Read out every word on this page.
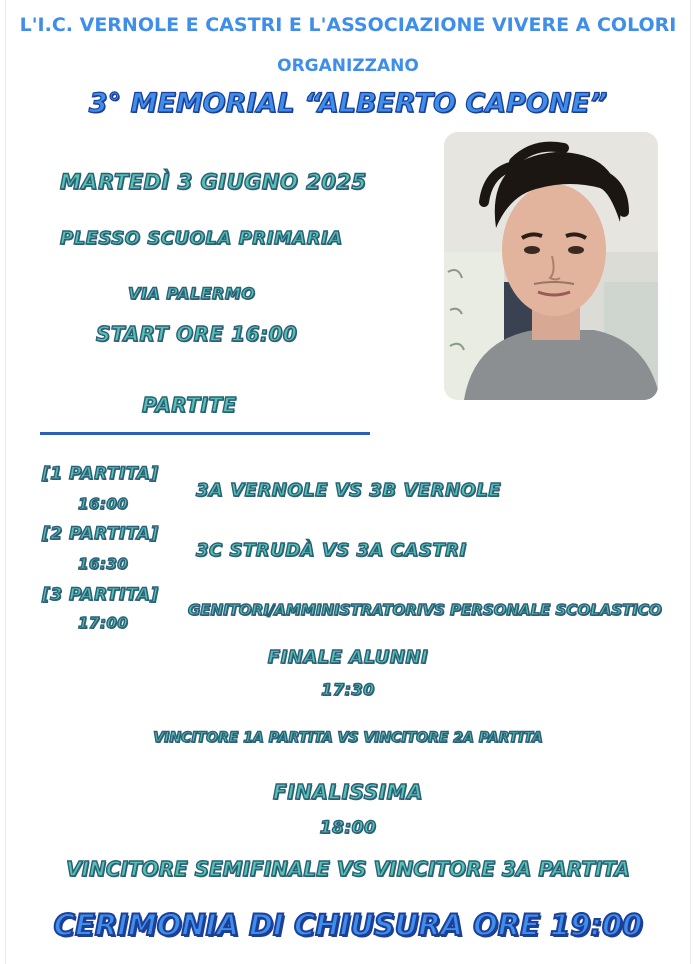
L'I.C. VERNOLE E CASTRI E L'ASSOCIAZIONE VIVERE A COLORI
ORGANIZZANO
3° MEMORIAL “ALBERTO CAPONE”
MARTEDÌ 3 GIUGNO 2025
PLESSO SCUOLA PRIMARIA
VIA PALERMO
START ORE 16:00
PARTITE
[1 PARTITA]
16:00
3A VERNOLE VS 3B VERNOLE
[2 PARTITA]
16:30
3C STRUDÀ VS 3A CASTRI
[3 PARTITA]
17:00
GENITORI/AMMINISTRATORIVS PERSONALE SCOLASTICO
FINALE ALUNNI
17:30
VINCITORE 1A PARTITA VS VINCITORE 2A PARTITA
FINALISSIMA
18:00
VINCITORE SEMIFINALE VS VINCITORE 3A PARTITA
CERIMONIA DI CHIUSURA ORE 19:00
